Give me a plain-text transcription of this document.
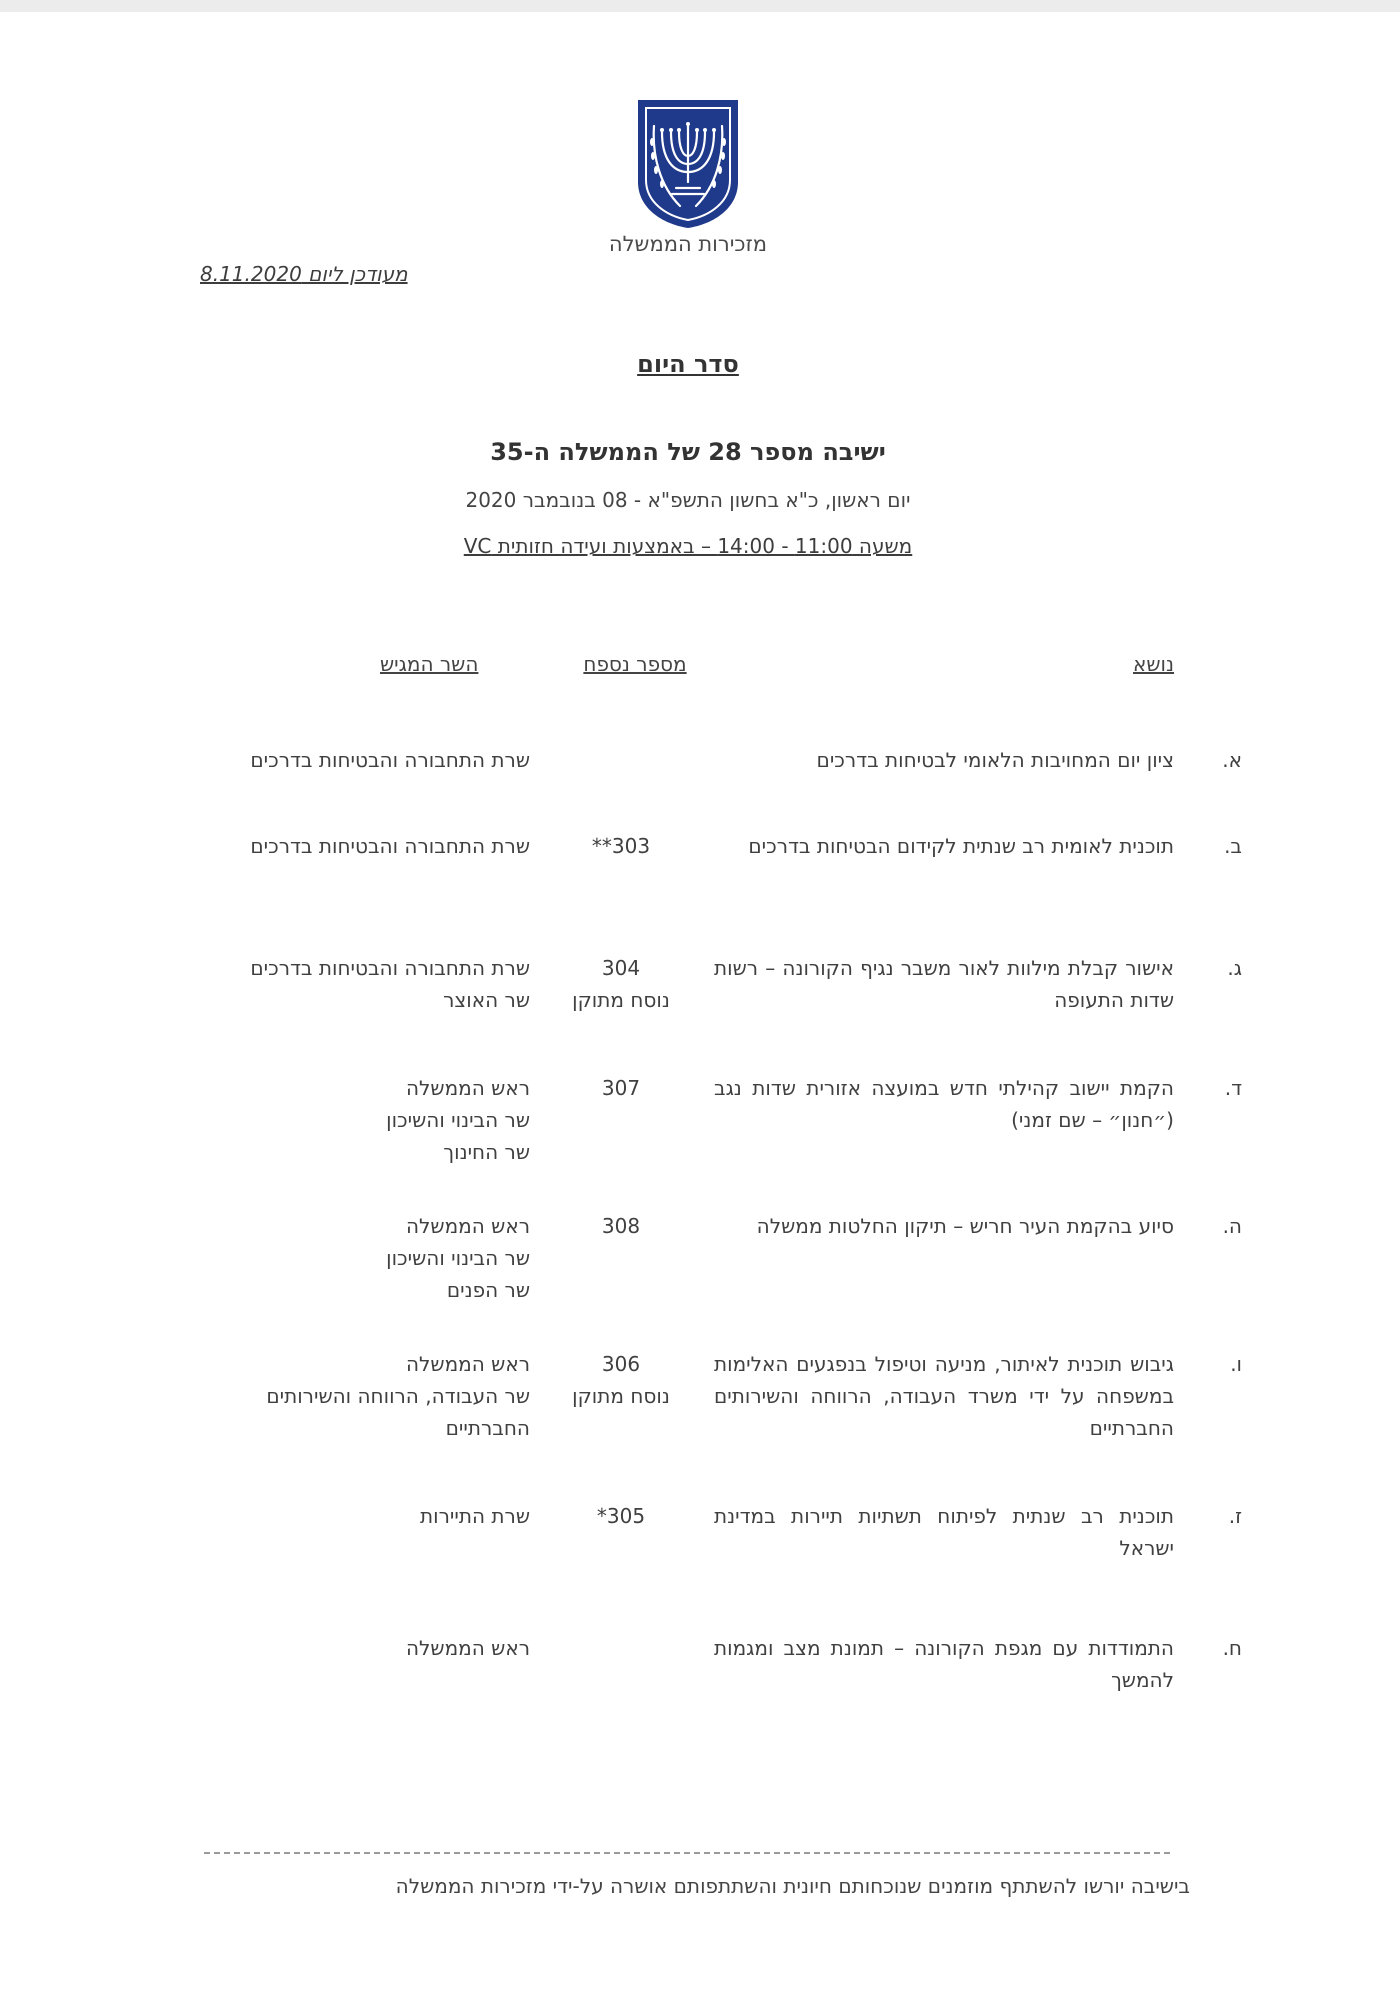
מזכירות הממשלה
מעודכן ליום 8.11.2020
סדר היום
ישיבה מספר 28 של הממשלה ה-35
יום ראשון, כ"א בחשון התשפ"א - 08 בנובמבר 2020
משעה 11:00 - 14:00 – באמצעות ועידה חזותית VC
נושא
מספר נספח
השר המגיש
א.
ציון יום המחויבות הלאומי לבטיחות בדרכים
שרת התחבורה והבטיחות בדרכים
ב.
תוכנית לאומית רב שנתית לקידום הבטיחות בדרכים
303**
שרת התחבורה והבטיחות בדרכים
ג.
אישור קבלת מילוות לאור משבר נגיף הקורונה – רשות שדות התעופה
304
נוסח מתוקן
שרת התחבורה והבטיחות בדרכים
שר האוצר
ד.
הקמת יישוב קהילתי חדש במועצה אזורית שדות נגב (״חנון״ – שם זמני)
307
ראש הממשלה
שר הבינוי והשיכון
שר החינוך
ה.
סיוע בהקמת העיר חריש – תיקון החלטות ממשלה
308
ראש הממשלה
שר הבינוי והשיכון
שר הפנים
ו.
גיבוש תוכנית לאיתור, מניעה וטיפול בנפגעים האלימות במשפחה על ידי משרד העבודה, הרווחה והשירותים החברתיים
306
נוסח מתוקן
ראש הממשלה
שר העבודה, הרווחה והשירותים
החברתיים
ז.
תוכנית רב שנתית לפיתוח תשתיות תיירות במדינת ישראל
305*
שרת התיירות
ח.
התמודדות עם מגפת הקורונה – תמונת מצב ומגמות להמשך
ראש הממשלה
בישיבה יורשו להשתתף מוזמנים שנוכחותם חיונית והשתתפותם אושרה על-ידי מזכירות הממשלה
